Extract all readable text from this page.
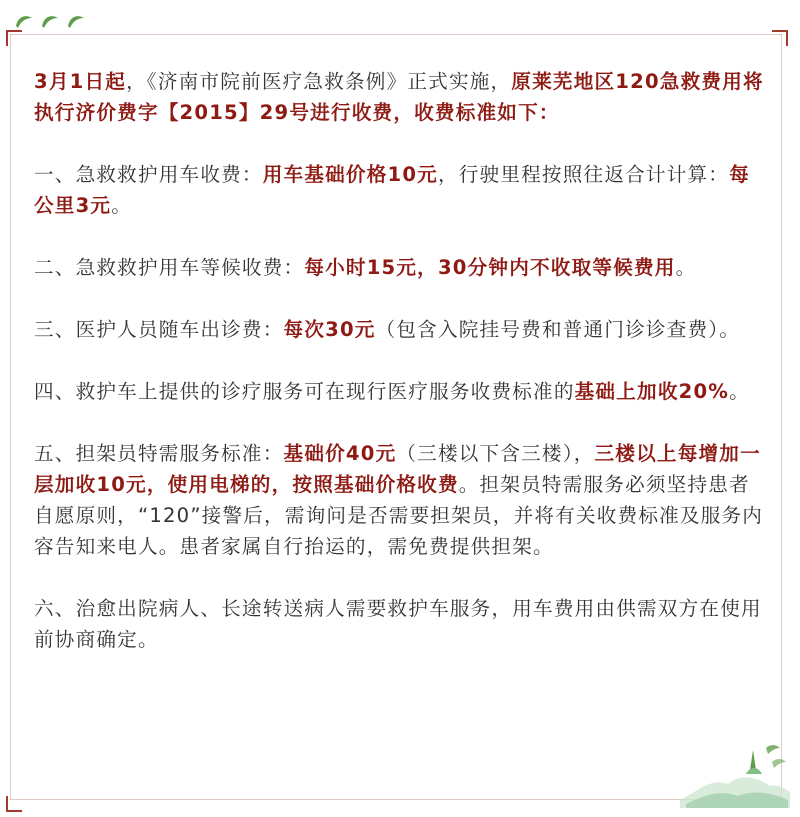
3月1日起，《济南市院前医疗急救条例》正式实施，原莱芜地区120急救费用将执行济价费字【2015】29号进行收费，收费标准如下：

一、急救救护用车收费：用车基础价格10元，行驶里程按照往返合计计算：每公里3元。

二、急救救护用车等候收费：每小时15元，30分钟内不收取等候费用。

三、医护人员随车出诊费：每次30元（包含入院挂号费和普通门诊诊查费）。

四、救护车上提供的诊疗服务可在现行医疗服务收费标准的基础上加收20%。

五、担架员特需服务标准：基础价40元（三楼以下含三楼），三楼以上每增加一层加收10元，使用电梯的，按照基础价格收费。担架员特需服务必须坚持患者自愿原则，“120”接警后，需询问是否需要担架员，并将有关收费标准及服务内容告知来电人。患者家属自行抬运的，需免费提供担架。

六、治愈出院病人、长途转送病人需要救护车服务，用车费用由供需双方在使用前协商确定。
